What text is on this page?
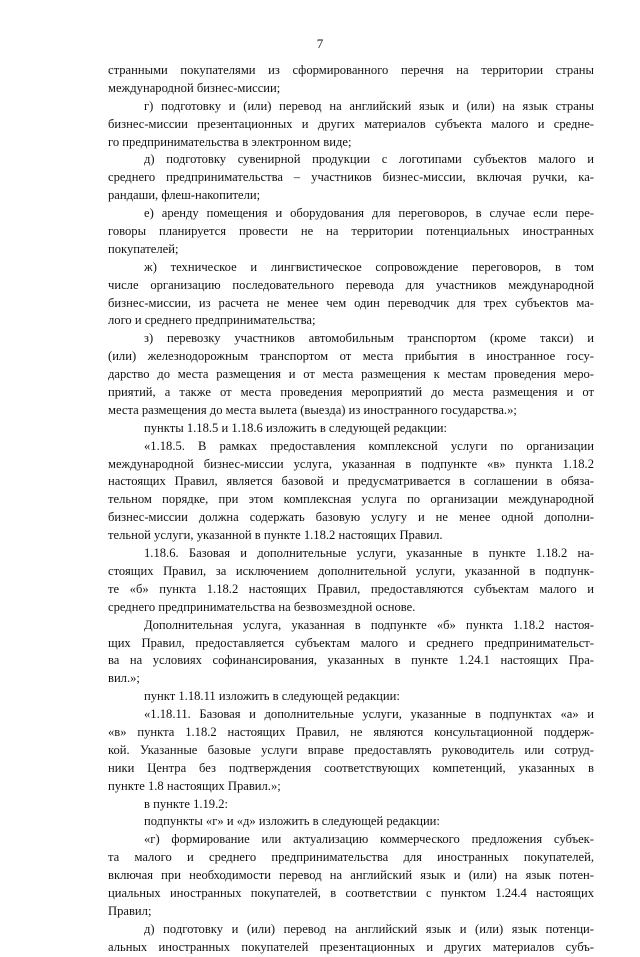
7
странными покупателями из сформированного перечня на территории страны
международной бизнес-миссии;
г) подготовку и (или) перевод на английский язык и (или) на язык страны
бизнес-миссии презентационных и других материалов субъекта малого и средне-
го предпринимательства в электронном виде;
д) подготовку сувенирной продукции с логотипами субъектов малого и
среднего предпринимательства – участников бизнес-миссии, включая ручки, ка-
рандаши, флеш-накопители;
е) аренду помещения и оборудования для переговоров, в случае если пере-
говоры планируется провести не на территории потенциальных иностранных
покупателей;
ж) техническое и лингвистическое сопровождение переговоров, в том
числе организацию последовательного перевода для участников международной
бизнес-миссии, из расчета не менее чем один переводчик для трех субъектов ма-
лого и среднего предпринимательства;
з) перевозку участников автомобильным транспортом (кроме такси) и
(или) железнодорожным транспортом от места прибытия в иностранное госу-
дарство до места размещения и от места размещения к местам проведения меро-
приятий, а также от места проведения мероприятий до места размещения и от
места размещения до места вылета (выезда) из иностранного государства.»;
пункты 1.18.5 и 1.18.6 изложить в следующей редакции:
«1.18.5. В рамках предоставления комплексной услуги по организации
международной бизнес-миссии услуга, указанная в подпункте «в» пункта 1.18.2
настоящих Правил, является базовой и предусматривается в соглашении в обяза-
тельном порядке, при этом комплексная услуга по организации международной
бизнес-миссии должна содержать базовую услугу и не менее одной дополни-
тельной услуги, указанной в пункте 1.18.2 настоящих Правил.
1.18.6. Базовая и дополнительные услуги, указанные в пункте 1.18.2 на-
стоящих Правил, за исключением дополнительной услуги, указанной в подпунк-
те «б» пункта 1.18.2 настоящих Правил, предоставляются субъектам малого и
среднего предпринимательства на безвозмездной основе.
Дополнительная услуга, указанная в подпункте «б» пункта 1.18.2 настоя-
щих Правил, предоставляется субъектам малого и среднего предпринимательст-
ва на условиях софинансирования, указанных в пункте 1.24.1 настоящих Пра-
вил.»;
пункт 1.18.11 изложить в следующей редакции:
«1.18.11. Базовая и дополнительные услуги, указанные в подпунктах «а» и
«в» пункта 1.18.2 настоящих Правил, не являются консультационной поддерж-
кой. Указанные базовые услуги вправе предоставлять руководитель или сотруд-
ники Центра без подтверждения соответствующих компетенций, указанных в
пункте 1.8 настоящих Правил.»;
в пункте 1.19.2:
подпункты «г» и «д» изложить в следующей редакции:
«г) формирование или актуализацию коммерческого предложения субъек-
та малого и среднего предпринимательства для иностранных покупателей,
включая при необходимости перевод на английский язык и (или) на язык потен-
циальных иностранных покупателей, в соответствии с пунктом 1.24.4 настоящих
Правил;
д) подготовку и (или) перевод на английский язык и (или) язык потенци-
альных иностранных покупателей презентационных и других материалов субъ-
